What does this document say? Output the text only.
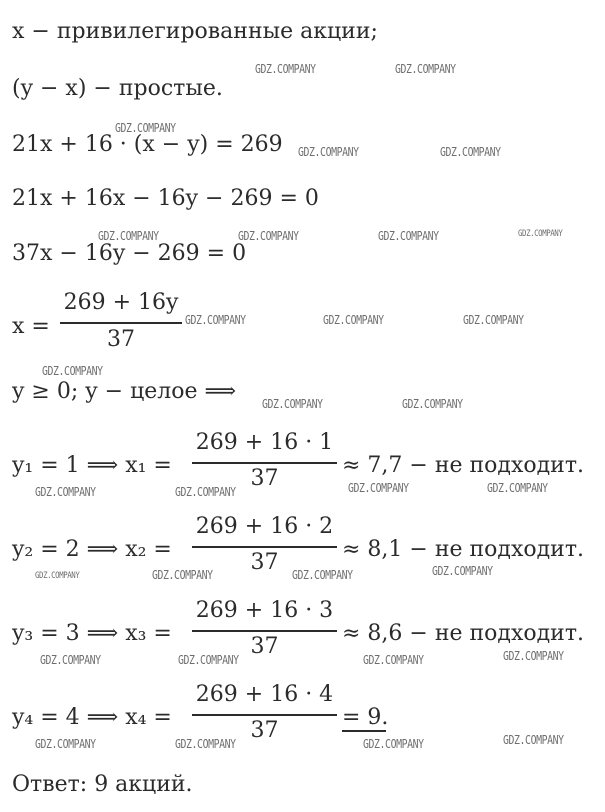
x − привилегированные акции;
(y − x) − простые.
21x + 16 · (x − y) = 269
21x + 16x − 16y − 269 = 0
37x − 16y − 269 = 0
x =
269 + 16y
37
y ≥ 0; y − целое ⟹
y₁ = 1 ⟹ x₁ =
269 + 16 · 1
37
≈ 7,7 − не подходит.
y₂ = 2 ⟹ x₂ =
269 + 16 · 2
37
≈ 8,1 − не подходит.
y₃ = 3 ⟹ x₃ =
269 + 16 · 3
37
≈ 8,6 − не подходит.
y₄ = 4 ⟹ x₄ =
269 + 16 · 4
37
= 9.
Ответ: 9 акций.
GDZ.COMPANY	GDZ.COMPANY
GDZ.COMPANY
GDZ.COMPANY	GDZ.COMPANY
GDZ.COMPANY	GDZ.COMPANY	GDZ.COMPANY	GDZ.COMPANY
GDZ.COMPANY	GDZ.COMPANY	GDZ.COMPANY
GDZ.COMPANY
GDZ.COMPANY	GDZ.COMPANY
GDZ.COMPANY	GDZ.COMPANY	GDZ.COMPANY	GDZ.COMPANY
GDZ.COMPANY	GDZ.COMPANY	GDZ.COMPANY	GDZ.COMPANY
GDZ.COMPANY	GDZ.COMPANY	GDZ.COMPANY	GDZ.COMPANY
GDZ.COMPANY	GDZ.COMPANY	GDZ.COMPANY	GDZ.COMPANY
